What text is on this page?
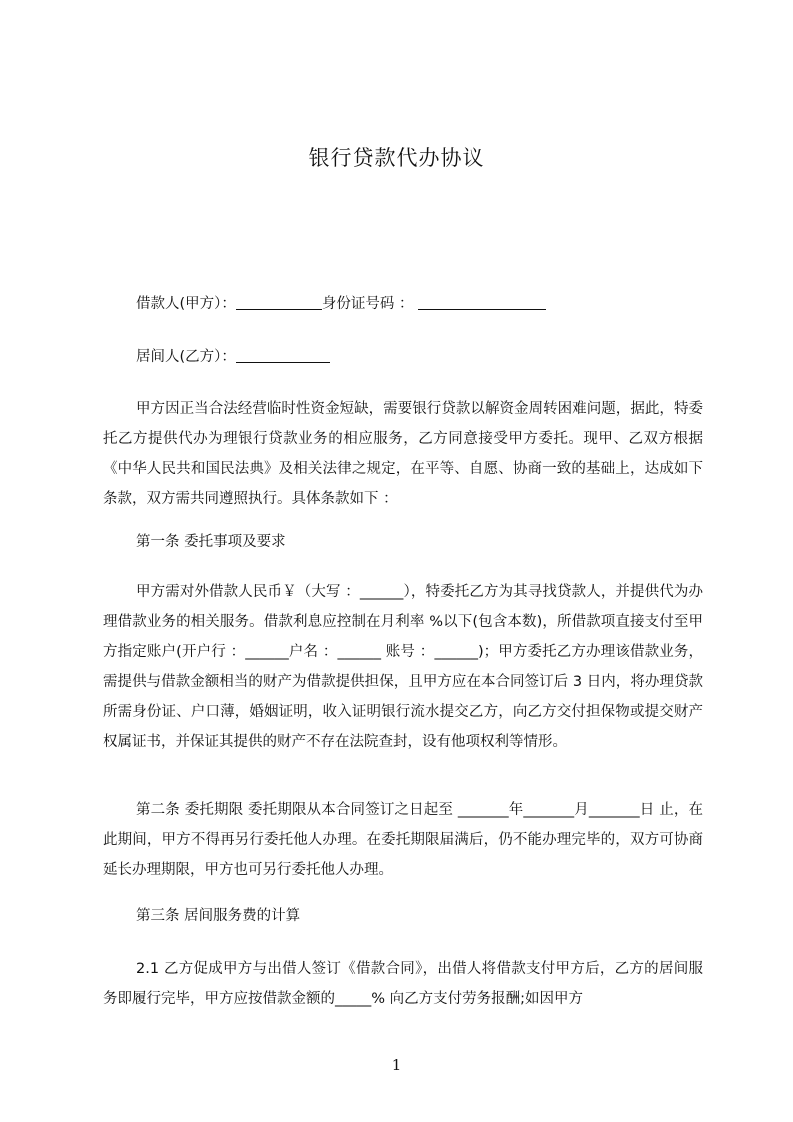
银行贷款代办协议
借款人(甲方）：	身份证号码 ：
居间人(乙方）：

甲方因正当合法经营临时性资金短缺，需要银行贷款以解资金周转困难问题，据此，特委托乙方提供代办为理银行贷款业务的相应服务，乙方同意接受甲方委托。现甲、乙双方根据《中华人民共和国民法典》及相关法律之规定，在平等、自愿、协商一致的基础上，达成如下条款，双方需共同遵照执行。具体条款如下 ：

第一条 委托事项及要求

甲方需对外借款人民币￥（大写 ：______），特委托乙方为其寻找贷款人，并提供代为办理借款业务的相关服务。借款利息应控制在月利率 %以下(包含本数)，所借款项直接支付至甲方指定账户(开户行 ：______户名 ：______ 账号 ：______)；甲方委托乙方办理该借款业务，需提供与借款金额相当的财产为借款提供担保，且甲方应在本合同签订后 3 日内，将办理贷款所需身份证、户口薄，婚姻证明，收入证明银行流水提交乙方，向乙方交付担保物或提交财产权属证书，并保证其提供的财产不存在法院查封，设有他项权利等情形。

第二条 委托期限 委托期限从本合同签订之日起至 _______年_______月_______日 止，在此期间，甲方不得再另行委托他人办理。在委托期限届满后，仍不能办理完毕的，双方可协商延长办理期限，甲方也可另行委托他人办理。

第三条 居间服务费的计算

2.1 乙方促成甲方与出借人签订《借款合同》，出借人将借款支付甲方后，乙方的居间服务即履行完毕，甲方应按借款金额的_____% 向乙方支付劳务报酬;如因甲方

1
